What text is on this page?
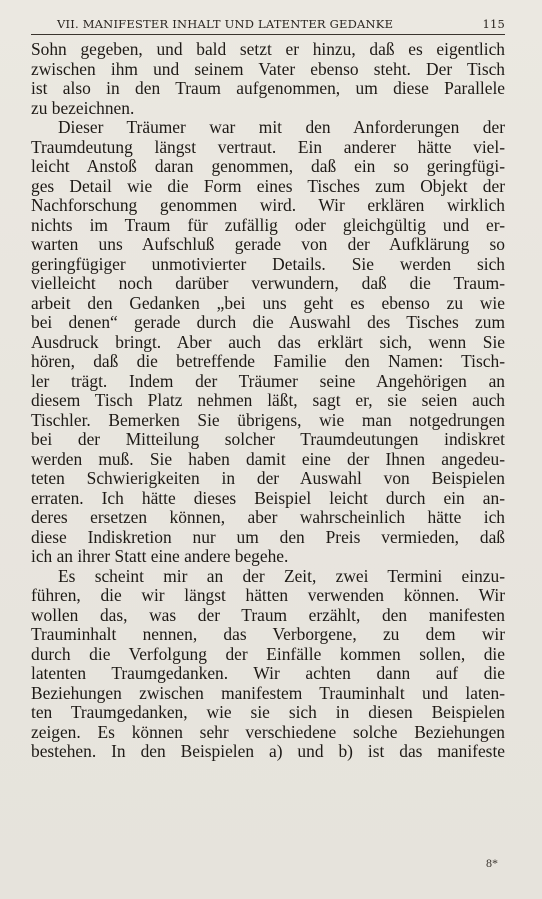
VII. MANIFESTER INHALT UND LATENTER GEDANKE	115
Sohn gegeben, und bald setzt er hinzu, daß es eigentlich
zwischen ihm und seinem Vater ebenso steht. Der Tisch
ist also in den Traum aufgenommen, um diese Parallele
zu bezeichnen.
Dieser Träumer war mit den Anforderungen der
Traumdeutung längst vertraut. Ein anderer hätte viel-
leicht Anstoß daran genommen, daß ein so geringfügi-
ges Detail wie die Form eines Tisches zum Objekt der
Nachforschung genommen wird. Wir erklären wirklich
nichts im Traum für zufällig oder gleichgültig und er-
warten uns Aufschluß gerade von der Aufklärung so
geringfügiger unmotivierter Details. Sie werden sich
vielleicht noch darüber verwundern, daß die Traum-
arbeit den Gedanken „bei uns geht es ebenso zu wie
bei denen“ gerade durch die Auswahl des Tisches zum
Ausdruck bringt. Aber auch das erklärt sich, wenn Sie
hören, daß die betreffende Familie den Namen: Tisch-
ler trägt. Indem der Träumer seine Angehörigen an
diesem Tisch Platz nehmen läßt, sagt er, sie seien auch
Tischler. Bemerken Sie übrigens, wie man notgedrungen
bei der Mitteilung solcher Traumdeutungen indiskret
werden muß. Sie haben damit eine der Ihnen angedeu-
teten Schwierigkeiten in der Auswahl von Beispielen
erraten. Ich hätte dieses Beispiel leicht durch ein an-
deres ersetzen können, aber wahrscheinlich hätte ich
diese Indiskretion nur um den Preis vermieden, daß
ich an ihrer Statt eine andere begehe.
Es scheint mir an der Zeit, zwei Termini einzu-
führen, die wir längst hätten verwenden können. Wir
wollen das, was der Traum erzählt, den manifesten
Trauminhalt nennen, das Verborgene, zu dem wir
durch die Verfolgung der Einfälle kommen sollen, die
latenten Traumgedanken. Wir achten dann auf die
Beziehungen zwischen manifestem Trauminhalt und laten-
ten Traumgedanken, wie sie sich in diesen Beispielen
zeigen. Es können sehr verschiedene solche Beziehungen
bestehen. In den Beispielen a) und b) ist das manifeste
8*
